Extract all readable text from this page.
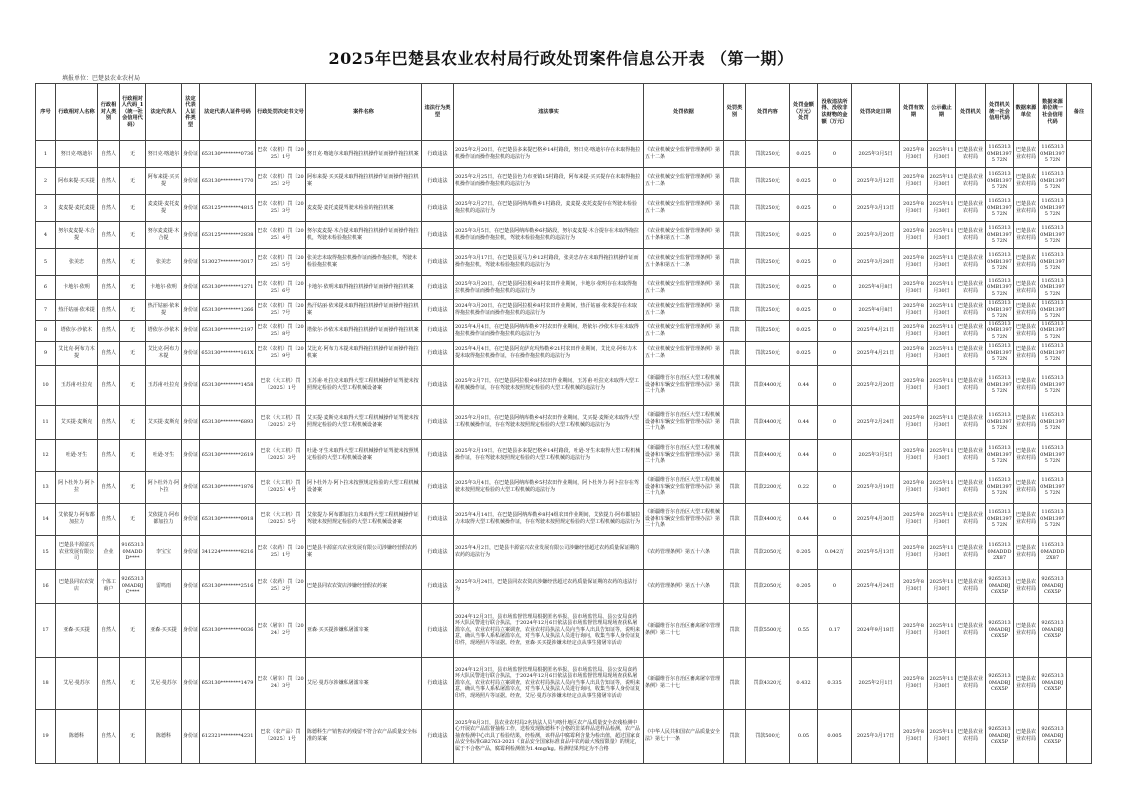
2025年巴楚县农业农村局行政处罚案件信息公开表 （第一期）
填报单位：巴楚县农业农村局
序号	行政相对人名称	行政相对人类别	行政相对人代码_1（统一社会信用代码）	法定代表人	法定代表人证件类型	法定代表人证件号码	行政处罚决定书文号	案件名称	违法行为类型	违法事实	处罚依据	处罚类别	处罚内容	处罚金额（万元）处罚	没收违法所得、没收非法财物的金额（万元）	处罚决定日期	处罚有效期	公示截止期	处罚机关	处罚机关统一社会信用代码	数据来源单位	数据来源单位统一社会信用代码	备注
1	努日克·喀迪尔	自然人	无	努日克·喀迪尔	身份证	653130********0736	巴农（农机）罚〔2025〕1号	努日克·喀迪尔未取得拖拉机操作证而操作拖拉机案	行政违法	2025年2月20日，在巴楚县多来提巴格乡14村路段，努日克·喀迪尔存在未取得拖拉机操作证而操作拖拉机的违法行为	《农业机械安全监督管理条例》第五十二条	罚款	罚款250元	0.025	0	2025年3月5日	2025年8月30日	2025年11月30日	巴楚县农业农村局	11653130MB13975 72N	巴楚县农业农村局	11653130MB13975 72N	
2	阿布来提·买买提	自然人	无	阿布来提·买买提	身份证	653130********1770	巴农（农机）罚〔2025〕2号	阿布来提·买买提未取得拖拉机操作证而操作拖拉机案	行政违法	2025年2月25日，在巴楚县色力布亚镇15村路段，阿布来提·买买提存在未取得拖拉机操作证而操作拖拉机的违法行为	《农业机械安全监督管理条例》第五十二条	罚款	罚款250元	0.025	0	2025年3月12日	2025年8月30日	2025年11月30日	巴楚县农业农村局	11653130MB13975 72N	巴楚县农业农村局	11653130MB13975 72N	
3	麦麦提·麦托麦提	自然人	无	麦麦提·麦托麦提	身份证	653125********4815	巴农（农机）罚〔2025〕3号	麦麦提·麦托麦提驾驶未检验的拖拉机案	行政违法	2025年2月27日，在巴楚县阿纳库勒乡1村路段，麦麦提·麦托麦提存在驾驶未检验拖拉机的违法行为	《农业机械安全监督管理条例》第五十二条	罚款	罚款250元	0.025	0	2025年3月13日	2025年8月30日	2025年11月30日	巴楚县农业农村局	11653130MB13975 72N	巴楚县农业农村局	11653130MB13975 72N	
4	努尔麦麦提·木合提	自然人	无	努尔麦麦提·木合提	身份证	653125********2838	巴农（农机）罚〔2025〕4号	努尔麦麦提·木合提未取得拖拉机操作证而操作拖拉机，驾驶未检验拖拉机案	行政违法	2025年3月5日，在巴楚县阿纳库勒乡6村路段，努尔麦麦提·木合提存在未取得拖拉机操作证而操作拖拉机，驾驶未检验拖拉机的违法行为	《农业机械安全监督管理条例》第五十条和第五十二条	罚款	罚款250元	0.025	0	2025年3月20日	2025年8月30日	2025年11月30日	巴楚县农业农村局	11653130MB13975 72N	巴楚县农业农村局	11653130MB13975 72N	
5	张美忠	自然人	无	张美忠	身份证	513027********3017	巴农（农机）罚〔2025〕5号	张美忠未取得拖拉机操作证而操作拖拉机，驾驶未检验拖拉机案	行政违法	2025年3月17日，在巴楚县夏马力乡12村路段，张美忠存在未取得拖拉机操作证而操作拖拉机，驾驶未检验拖拉机的违法行为	《农业机械安全监督管理条例》第五十条和第五十二条	罚款	罚款250元	0.025	0	2025年3月28日	2025年8月30日	2025年11月30日	巴楚县农业农村局	11653130MB13975 72N	巴楚县农业农村局	11653130MB13975 72N	
6	卡地尔·依明	自然人	无	卡地尔·依明	身份证	653130********1271	巴农（农机）罚〔2025〕6号	卡地尔·依明未取得拖拉机操作证而操作拖拉机案	行政违法	2025年3月20日，在巴楚县阿拉根乡8村农田作业期间，卡地尔·依明存在未取得拖拉机操作证而操作拖拉机的违法行为	《农业机械安全监督管理条例》第五十二条	罚款	罚款250元	0.025	0	2025年4月8日	2025年8月30日	2025年11月30日	巴楚县农业农村局	11653130MB13975 72N	巴楚县农业农村局	11653130MB13975 72N	
7	热汗姑丽·依米提	自然人	无	热汗姑丽·依米提	身份证	653130********1266	巴农（农机）罚〔2025〕7号	热汗姑丽·依米提未取得拖拉机操作证而操作拖拉机案	行政违法	2024年3月20日，在巴楚县阿拉根乡8村农田作业期间，热汗姑丽·依米提存在未取得拖拉机操作证而操作拖拉机的违法行为	《农业机械安全监督管理条例》第五十二条	罚款	罚款250元	0.025	0	2025年4月8日	2025年8月30日	2025年11月30日	巴楚县农业农村局	11653130MB13975 72N	巴楚县农业农村局	11653130MB13975 72N	
8	塔依尔·沙依木	自然人	无	塔依尔·沙依木	身份证	653130********2197	巴农（农机）罚〔2025〕8号	塔依尔·沙依木未取得拖拉机操作证而操作拖拉机案	行政违法	2025年4月4日，在巴楚县阿纳库勒乡7村农田作业期间，塔依尔·沙依木存在未取得拖拉机操作证而操作拖拉机的违法行为	《农业机械安全监督管理条例》第五十二条	罚款	罚款250元	0.025	0	2025年4月21日	2025年8月30日	2025年11月30日	巴楚县农业农村局	11653130MB13975 72N	巴楚县农业农村局	11653130MB13975 72N	
9	艾比克·阿布力木提	自然人	无	艾比克·阿布力木提	身份证	653130********161X	巴农（农机）罚〔2025〕9号	艾比克·阿布力木提未取得拖拉机操作证而操作拖拉机案	行政违法	2025年4月4日，在巴楚县阿克萨克玛热勒乡21村农田作业期间，艾比克·阿布力木提未取得拖拉机操作证，存在操作拖拉机的违法行为	《农业机械安全监督管理条例》第五十二条	罚款	罚款250元	0.025	0	2025年4月21日	2025年8月30日	2025年11月30日	巴楚县农业农村局	11653130MB13975 72N	巴楚县农业农村局	11653130MB13975 72N	
10	玉苏甫·吐拉克	自然人	无	玉苏甫·吐拉克	身份证	653130********1458	巴农（大工机）罚〔2025〕1号	玉苏甫·吐拉克未取得大型工程机械操作证驾驶未按照规定检验的大型工程机械设备案	行政违法	2025年2月7日，在巴楚县阿拉根乡8村农田作业期间，玉苏甫·吐拉克未取得大型工程机械操作证，存在驾驶未按照规定检验的大型工程机械的违法行为	《新疆维吾尔自治区大型工程机械设备和车辆安全监督管理办法》第二十九条	罚款	罚款4400元	0.44	0	2025年2月20日	2025年8月30日	2025年11月30日	巴楚县农业农村局	11653130MB13975 72N	巴楚县农业农村局	11653130MB13975 72N	
11	艾买提·麦斯克	自然人	无	艾买提·麦斯克	身份证	653130********6893	巴农（大工机）罚〔2025〕2号	艾买提·麦斯克未取得大型工程机械操作证驾驶未按照规定检验的大型工程机械设备案	行政违法	2025年2月8日，在巴楚县阿纳库勒乡4村农田作业期间，艾买提·麦斯克未取得大型工程机械操作证，存在驾驶未按照规定检验的大型工程机械的违法行为	《新疆维吾尔自治区大型工程机械设备和车辆安全监督管理办法》第二十九条	罚款	罚款4400元	0.44	0	2025年2月24日	2025年8月30日	2025年11月30日	巴楚县农业农村局	11653130MB13975 72N	巴楚县农业农村局	11653130MB13975 72N	
12	吐逊·牙生	自然人	无	吐逊·牙生	身份证	653130********2619	巴农（大工机）罚〔2025〕3号	吐逊·牙生未取得大型工程机械操作证驾驶未按照规定检验的大型工程机械设备案	行政违法	2025年2月19日，在巴楚县多来提巴格乡14村路段，吐逊·牙生未取得大型工程机械操作证，存在驾驶未按照规定检验的大型工程机械的违法行为	《新疆维吾尔自治区大型工程机械设备和车辆安全监督管理办法》第二十九条	罚款	罚款4400元	0.44	0	2025年3月5日	2025年8月30日	2025年11月30日	巴楚县农业农村局	11653130MB13975 72N	巴楚县农业农村局	11653130MB13975 72N	
13	阿卜杜外力·阿卜拉	自然人	无	阿卜杜外力·阿卜拉	身份证	653130********1876	巴农（大工机）罚〔2025〕4号	阿卜杜外力·阿卜拉未按照规定检验的大型工程机械设备案	行政违法	2025年3月4日，在巴楚县阿纳库勒乡5村农田作业期间，阿卜杜外力·阿卜拉存在驾驶未按照规定检验的大型工程机械的违法行为	《新疆维吾尔自治区大型工程机械设备和车辆安全监督管理办法》第二十九条	罚款	罚款2200元	0.22	0	2025年3月19日	2025年8月30日	2025年11月30日	巴楚县农业农村局	11653130MB13975 72N	巴楚县农业农村局	11653130MB13975 72N	
14	艾依提力·阿布都加拉力	自然人	无	艾依提力·阿布都加拉力	身份证	653130********0918	巴农（大工机）罚〔2025〕5号	艾依提力·阿布都加拉力未取得大型工程机械操作证驾驶未按照规定检验的大型工程机械设备案	行政违法	2025年4月14日，在巴楚县阿纳库勒乡8村4组农田作业期间，艾依提力·阿布都加拉力未取得大型工程机械操作证，存在驾驶未按照规定检验的大型工程机械的违法行为	《新疆维吾尔自治区大型工程机械设备和车辆安全监督管理办法》第二十九条	罚款	罚款4400元	0.44	0	2025年4月30日	2025年8月30日	2025年11月30日	巴楚县农业农村局	11653130MB13975 72N	巴楚县农业农村局	11653130MB13975 72N	
15	巴楚县丰源富兴农业发展有限公司	企业	91653130MADDD****	李宝宝	身份证	341224********8216	巴农（农药）罚〔2025〕1号	巴楚县丰源富兴农业发展有限公司涉嫌经营假农药案	行政违法	2025年4月2日，巴楚县丰源富兴农业发展有限公司涉嫌经营超过农药质量保证期的农药的违法行为	《农药管理条例》第五十六条	罚款	罚款2050元	0.205	0.042万	2025年5月13日	2025年8月30日	2025年11月30日	巴楚县农业农村局	11653130MADDD2X87	巴楚县农业农村局	11653130MADDD2X87	
16	巴楚县同农农资店	个体工商户	92653130MADBJC****	雷鸣雨	身份证	653130********2516	巴农（农药）罚〔2025〕2号	巴楚县同农农资店涉嫌经营假农药案	行政违法	2025年3月24日，巴楚县同农农资店涉嫌经营超过农药质量保证期的农药的违法行为	《农药管理条例》第五十六条	罚款	罚款2050元	0.205	0	2025年4月24日	2025年8月30日	2025年11月30日	巴楚县农业农村局	92653130MADBJC6X5P	巴楚县农业农村局	92653130MADBJC6X5P	
17	亚森·买买提	自然人	无	亚森·买买提	身份证	653130********0036	巴农（屠宰）罚〔2024〕2号	亚森·买买提涉嫌私屠滥宰案	行政违法	2024年12月3日，县市场监督管理局根据匿名举报，县市场监管局、县公安局食药环大队民警进行联合执法，于2024年12月6日依法县市场监督管理局现场查获私屠滥宰点，农业农村局立案调查，农业农村局执法人员向当事人出具告知证等，说明来意，确认当事人系私屠滥宰点，对当事人及执法人员进行询问，收集当事人身份证复印件，现场照片等证据。经查，亚森·买买提涉嫌未经定点从事生猪屠宰活动	《新疆维吾尔自治区畜禽屠宰管理条例》第二十七	罚款	罚款5500元	0.55	0.17	2024年9月18日	2025年8月30日	2025年11月30日	巴楚县农业农村局	92653130MADBJC6X5P	巴楚县农业农村局	92653130MADBJC6X5P	
18	艾尼·曼苏尔	自然人	无	艾尼·曼苏尔	身份证	653130********1479	巴农（屠宰）罚〔2024〕3号	艾尼·曼苏尔涉嫌私屠滥宰案	行政违法	2024年12月3日，县市场监督管理局根据匿名举报，县市场监管局、县公安局食药环大队民警进行联合执法，于2024年12月6日依法县市场监督管理局现场查获私屠滥宰点，农业农村局立案调查，农业农村局执法人员向当事人出具告知证等，说明来意，确认当事人系私屠滥宰点，对当事人及执法人员进行询问，收集当事人身份证复印件，现场照片等证据。经查，艾尼·曼苏尔涉嫌未经定点从事生猪屠宰活动	《新疆维吾尔自治区畜禽屠宰管理条例》第二十七	罚款	罚款4320元	0.432	0.335	2025年2月1日	2025年8月30日	2025年11月30日	巴楚县农业农村局	92653130MADBJC6X5P	巴楚县农业农村局	92653130MADBJC6X5P	
19	陈德科	自然人	无	陈德科	身份证	612321********4231	巴农（农产品）罚〔2025〕1号	陈德科生产销售农药残留不符合农产品质量安全标准的菜案	行政违法	2025年8月3日，县农业农村局2名执法人员与喀什地区农产品质量安全农残检测中心开展农产品监督抽检工作，送检发现陈德科不合格的韭菜样品送样品检测，农产品抽查检测中心出具了检验结果，经检测，该样品中腐霉利含量为检出值，超过国家食品安全标准GB2763-2021《食品安全国家标准食品中农药最大残留限量》的规定，属于不合格产品，腐霉利检测值为1.4mg/kg。检测结果判定为不合格	《中华人民共和国农产品质量安全法》第七十一条	罚款	罚款500元	0.05	0.005	2025年3月17日	2025年8月30日	2025年11月30日	巴楚县农业农村局	92653130MADBJC6X5P	巴楚县农业农村局	92653130MADBJC6X5P	
